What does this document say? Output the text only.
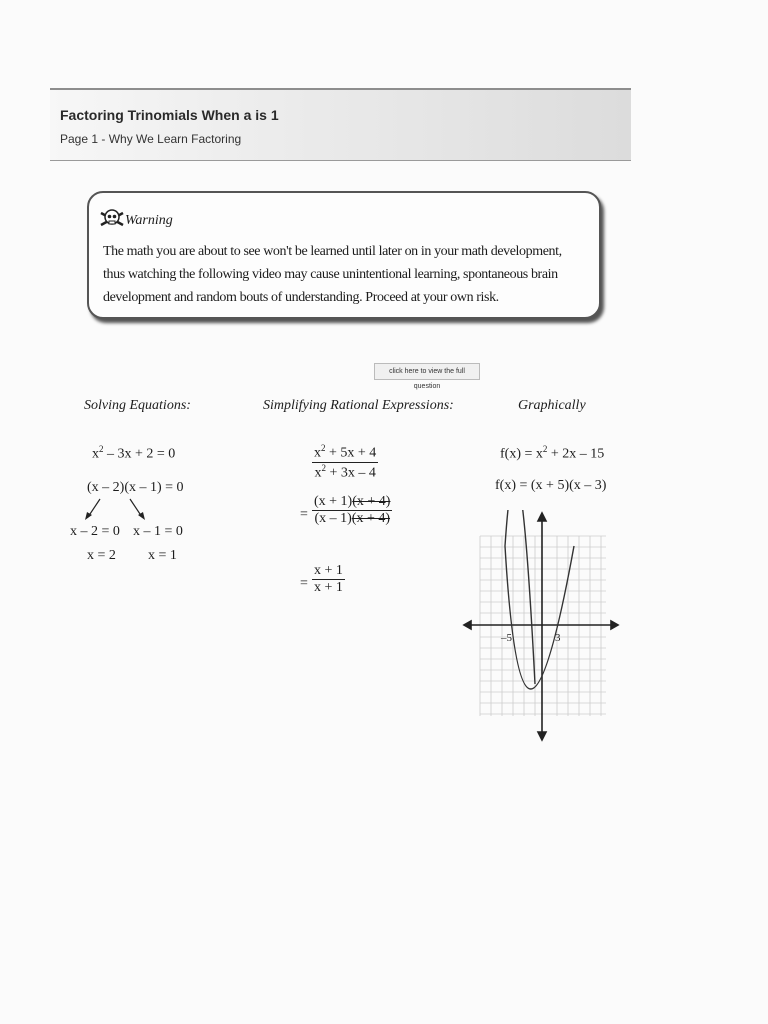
Factoring Trinomials When a is 1
Page 1 - Why We Learn Factoring
Warning
The math you are about to see won't be learned until later on in your math development, thus watching the following video may cause unintentional learning, spontaneous brain development and random bouts of understanding. Proceed at your own risk.
click here to view the full question
Solving Equations:
$x^2 - 3x + 2 = 0$
(x – 2)(x – 1) = 0
x – 2 = 0 x – 1 = 0
x = 2 x = 1
Simplifying Rational Expressions:
$\frac{x^2 + 5x + 4}{x^2 + 3x - 4}$
= $\frac{(x + 1)(x + 4)}{(x - 1)(x + 4)}$
= $\frac{x + 1}{x + 1}$
Graphically
$f(x) = x^2 + 2x - 15$
f(x) = (x + 5)(x – 3)
–5	3
